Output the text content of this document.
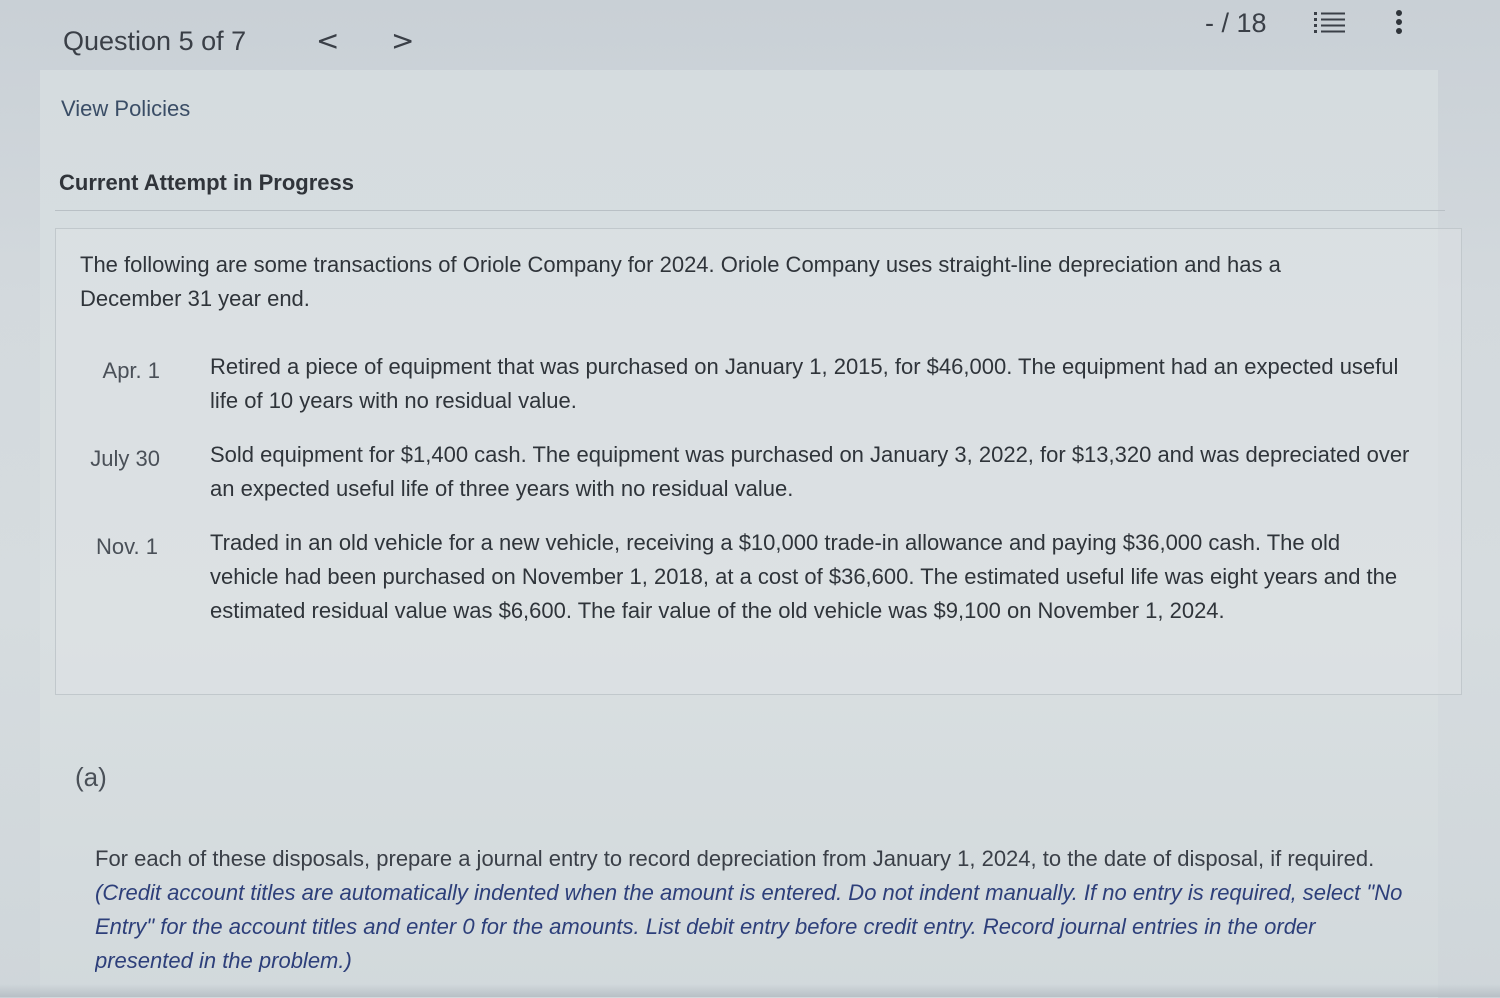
Question 5 of 7 < >
- / 18
View Policies
Current Attempt in Progress
The following are some transactions of Oriole Company for 2024. Oriole Company uses straight-line depreciation and has a December 31 year end.
Apr. 1 Retired a piece of equipment that was purchased on January 1, 2015, for $46,000. The equipment had an expected useful life of 10 years with no residual value.
July 30 Sold equipment for $1,400 cash. The equipment was purchased on January 3, 2022, for $13,320 and was depreciated over an expected useful life of three years with no residual value.
Nov. 1 Traded in an old vehicle for a new vehicle, receiving a $10,000 trade-in allowance and paying $36,000 cash. The old vehicle had been purchased on November 1, 2018, at a cost of $36,600. The estimated useful life was eight years and the estimated residual value was $6,600. The fair value of the old vehicle was $9,100 on November 1, 2024.
(a)
For each of these disposals, prepare a journal entry to record depreciation from January 1, 2024, to the date of disposal, if required. (Credit account titles are automatically indented when the amount is entered. Do not indent manually. If no entry is required, select "No Entry" for the account titles and enter 0 for the amounts. List debit entry before credit entry. Record journal entries in the order presented in the problem.)
